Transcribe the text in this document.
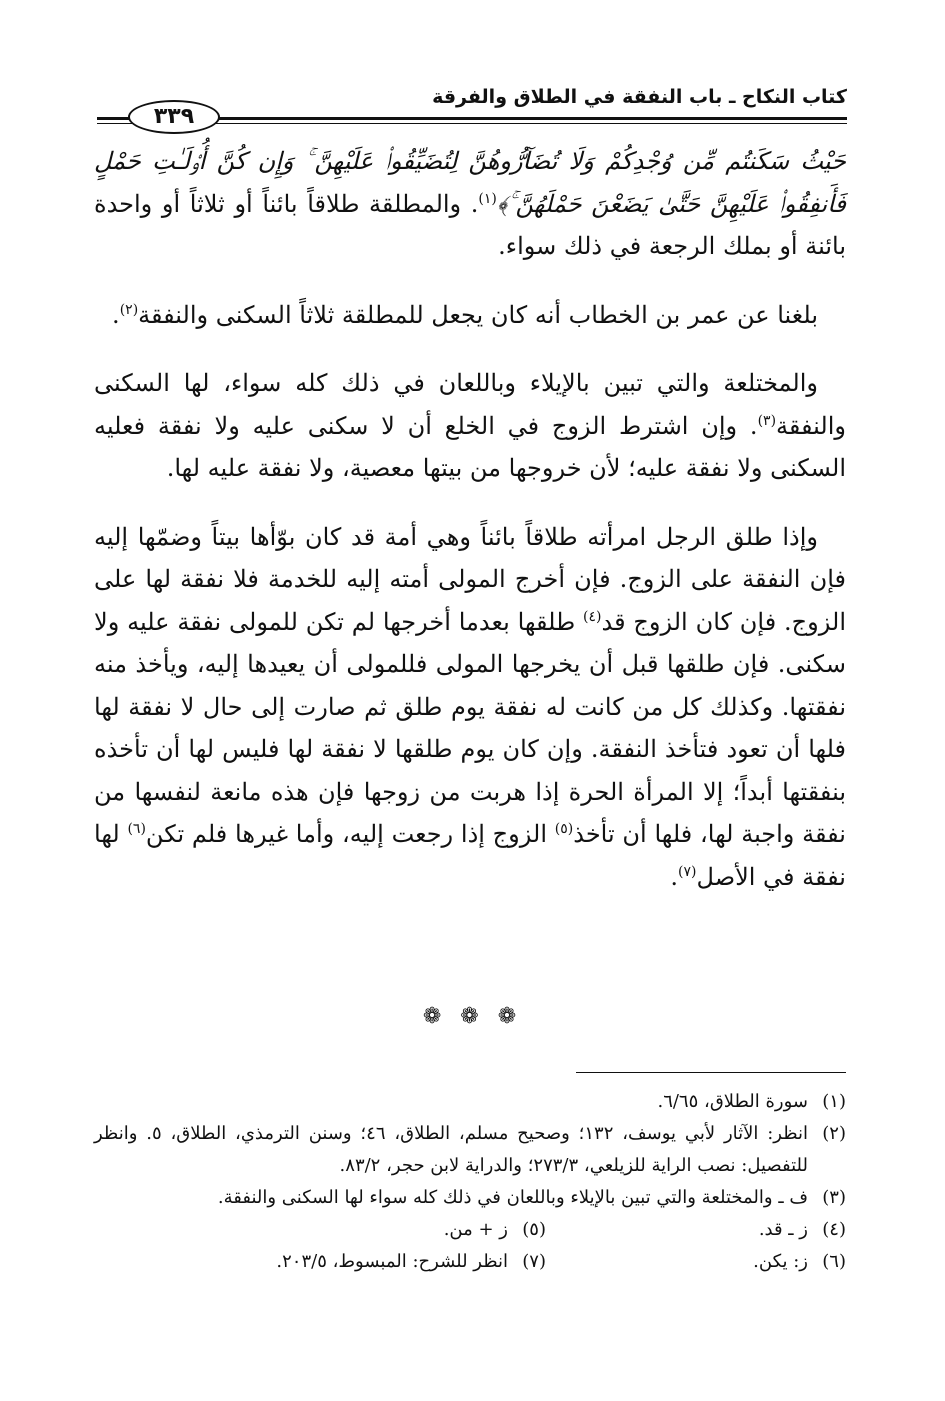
كتاب النكاح ـ باب النفقة في الطلاق والفرقة
٣٣٩

حَيْثُ سَكَنتُم مِّن وُجْدِكُمْ وَلَا تُضَآرُّوهُنَّ لِتُضَيِّقُوا۟ عَلَيْهِنَّ ۚ وَإِن كُنَّ أُو۟لَـٰتِ حَمْلٍ فَأَنفِقُوا۟ عَلَيْهِنَّ حَتَّىٰ يَضَعْنَ حَمْلَهُنَّ ۚ﴾$^{(١)}$. والمطلقة طلاقاً بائناً أو ثلاثاً أو واحدة بائنة أو بملك الرجعة في ذلك سواء.

بلغنا عن عمر بن الخطاب أنه كان يجعل للمطلقة ثلاثاً السكنى والنفقة$^{(٢)}$.

والمختلعة والتي تبين بالإيلاء وباللعان في ذلك كله سواء، لها السكنى والنفقة$^{(٣)}$. وإن اشترط الزوج في الخلع أن لا سكنى عليه ولا نفقة فعليه السكنى ولا نفقة عليه؛ لأن خروجها من بيتها معصية، ولا نفقة عليه لها.

وإذا طلق الرجل امرأته طلاقاً بائناً وهي أمة قد كان بوّأها بيتاً وضمّها إليه فإن النفقة على الزوج. فإن أخرج المولى أمته إليه للخدمة فلا نفقة لها على الزوج. فإن كان الزوج قد$^{(٤)}$ طلقها بعدما أخرجها لم تكن للمولى نفقة عليه ولا سكنى. فإن طلقها قبل أن يخرجها المولى فللمولى أن يعيدها إليه، ويأخذ منه نفقتها. وكذلك كل من كانت له نفقة يوم طلق ثم صارت إلى حال لا نفقة لها فلها أن تعود فتأخذ النفقة. وإن كان يوم طلقها لا نفقة لها فليس لها أن تأخذه بنفقتها أبداً؛ إلا المرأة الحرة إذا هربت من زوجها فإن هذه مانعة لنفسها من نفقة واجبة لها، فلها أن تأخذ$^{(٥)}$ الزوج إذا رجعت إليه، وأما غيرها فلم تكن$^{(٦)}$ لها نفقة في الأصل$^{(٧)}$.

❁ ❁ ❁
(١)
سورة الطلاق، ٦/٦٥.
(٢)
انظر: الآثار لأبي يوسف، ١٣٢؛ وصحيح مسلم، الطلاق، ٤٦؛ وسنن الترمذي، الطلاق، ٥. وانظر للتفصيل: نصب الراية للزيلعي، ٢٧٣/٣؛ والدراية لابن حجر، ٨٣/٢.
(٣)
ف ـ والمختلعة والتي تبين بالإيلاء وباللعان في ذلك كله سواء لها السكنى والنفقة.
(٤)
ز ـ قد.
(٥)
ز + من.
(٦)
ز: يكن.
(٧)
انظر للشرح: المبسوط، ٢٠٣/٥.
